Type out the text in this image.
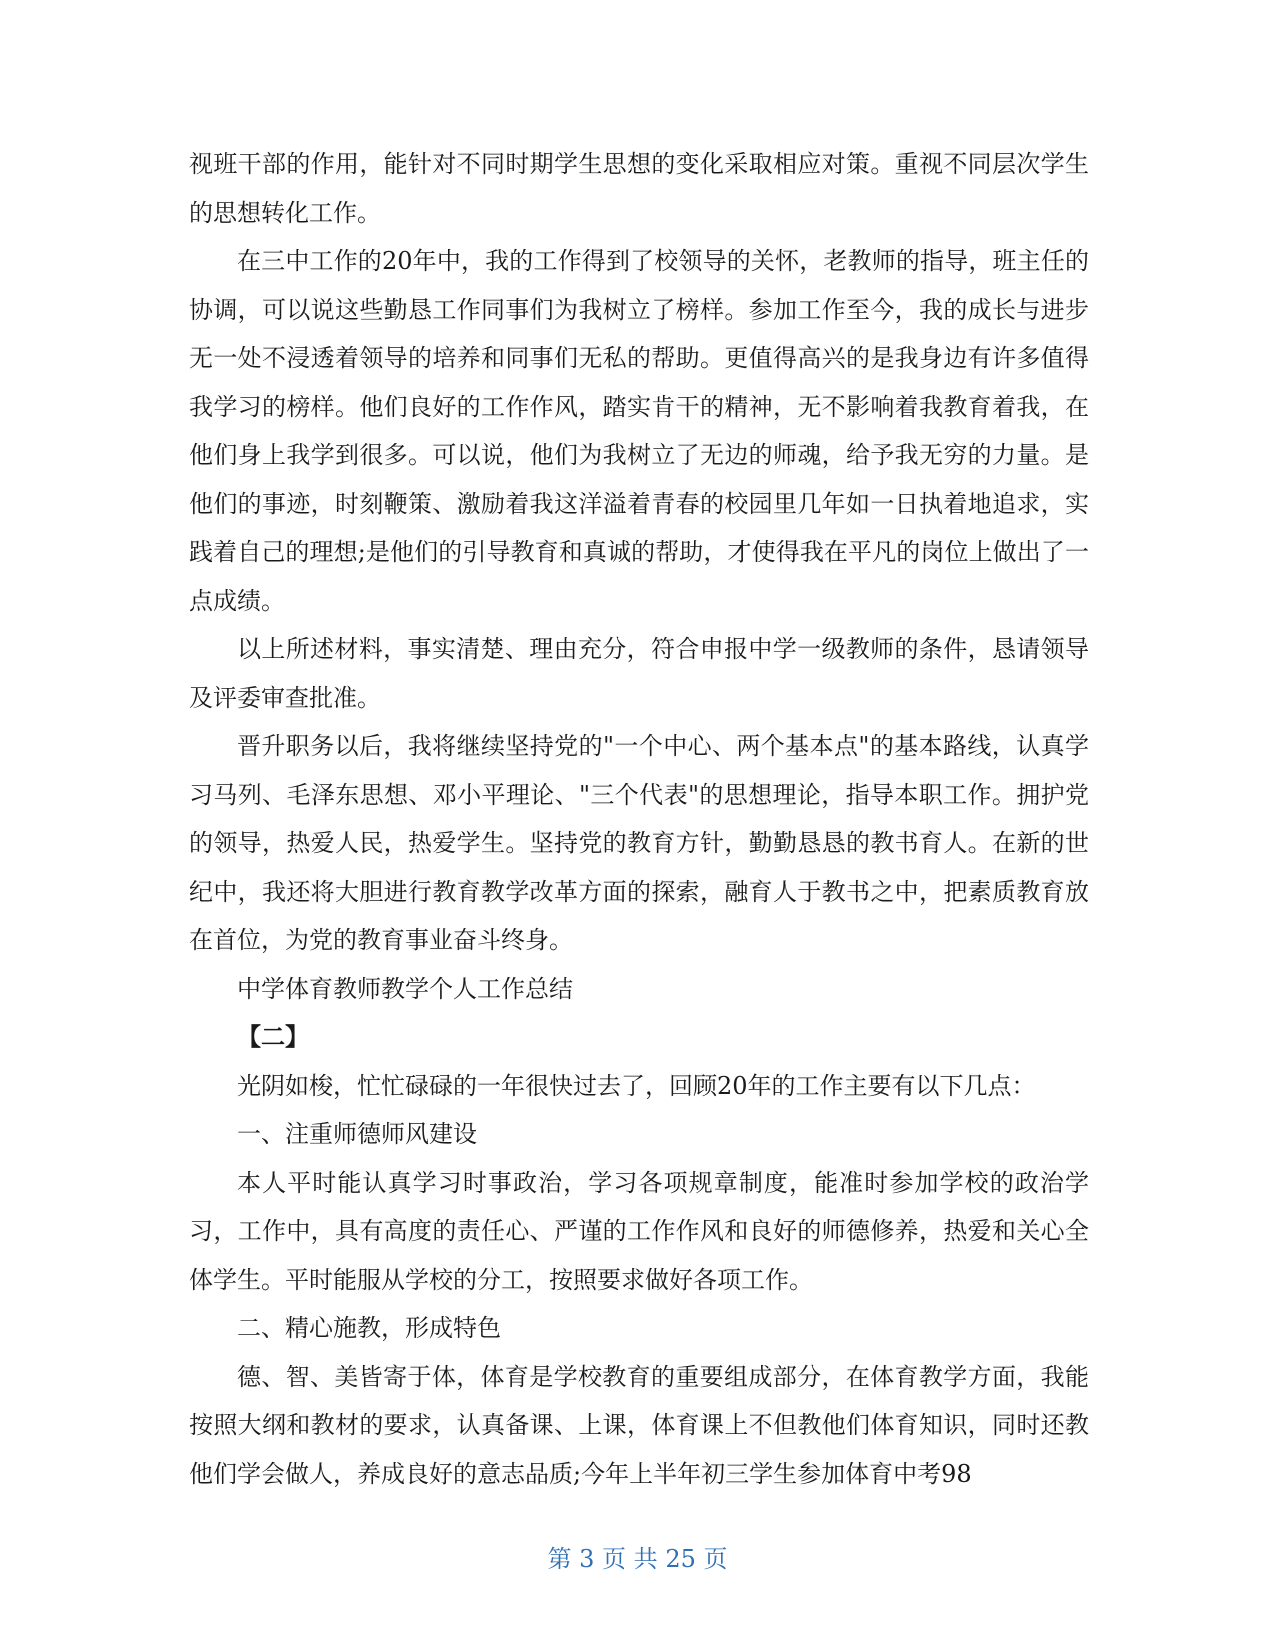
视班干部的作用，能针对不同时期学生思想的变化采取相应对策。重视不同层次学生的思想转化工作。

在三中工作的20年中，我的工作得到了校领导的关怀，老教师的指导，班主任的协调，可以说这些勤恳工作同事们为我树立了榜样。参加工作至今，我的成长与进步无一处不浸透着领导的培养和同事们无私的帮助。更值得高兴的是我身边有许多值得我学习的榜样。他们良好的工作作风，踏实肯干的精神，无不影响着我教育着我，在他们身上我学到很多。可以说，他们为我树立了无边的师魂，给予我无穷的力量。是他们的事迹，时刻鞭策、激励着我这洋溢着青春的校园里几年如一日执着地追求，实践着自己的理想;是他们的引导教育和真诚的帮助，才使得我在平凡的岗位上做出了一点成绩。

以上所述材料，事实清楚、理由充分，符合申报中学一级教师的条件，恳请领导及评委审查批准。

晋升职务以后，我将继续坚持党的"一个中心、两个基本点"的基本路线，认真学习马列、毛泽东思想、邓小平理论、"三个代表"的思想理论，指导本职工作。拥护党的领导，热爱人民，热爱学生。坚持党的教育方针，勤勤恳恳的教书育人。在新的世纪中，我还将大胆进行教育教学改革方面的探索，融育人于教书之中，把素质教育放在首位，为党的教育事业奋斗终身。

中学体育教师教学个人工作总结

【二】

光阴如梭，忙忙碌碌的一年很快过去了，回顾20年的工作主要有以下几点：

一、注重师德师风建设

本人平时能认真学习时事政治，学习各项规章制度，能准时参加学校的政治学习，工作中，具有高度的责任心、严谨的工作作风和良好的师德修养，热爱和关心全体学生。平时能服从学校的分工，按照要求做好各项工作。

二、精心施教，形成特色

德、智、美皆寄于体，体育是学校教育的重要组成部分，在体育教学方面，我能按照大纲和教材的要求，认真备课、上课，体育课上不但教他们体育知识，同时还教他们学会做人，养成良好的意志品质;今年上半年初三学生参加体育中考98

第 3 页 共 25 页
